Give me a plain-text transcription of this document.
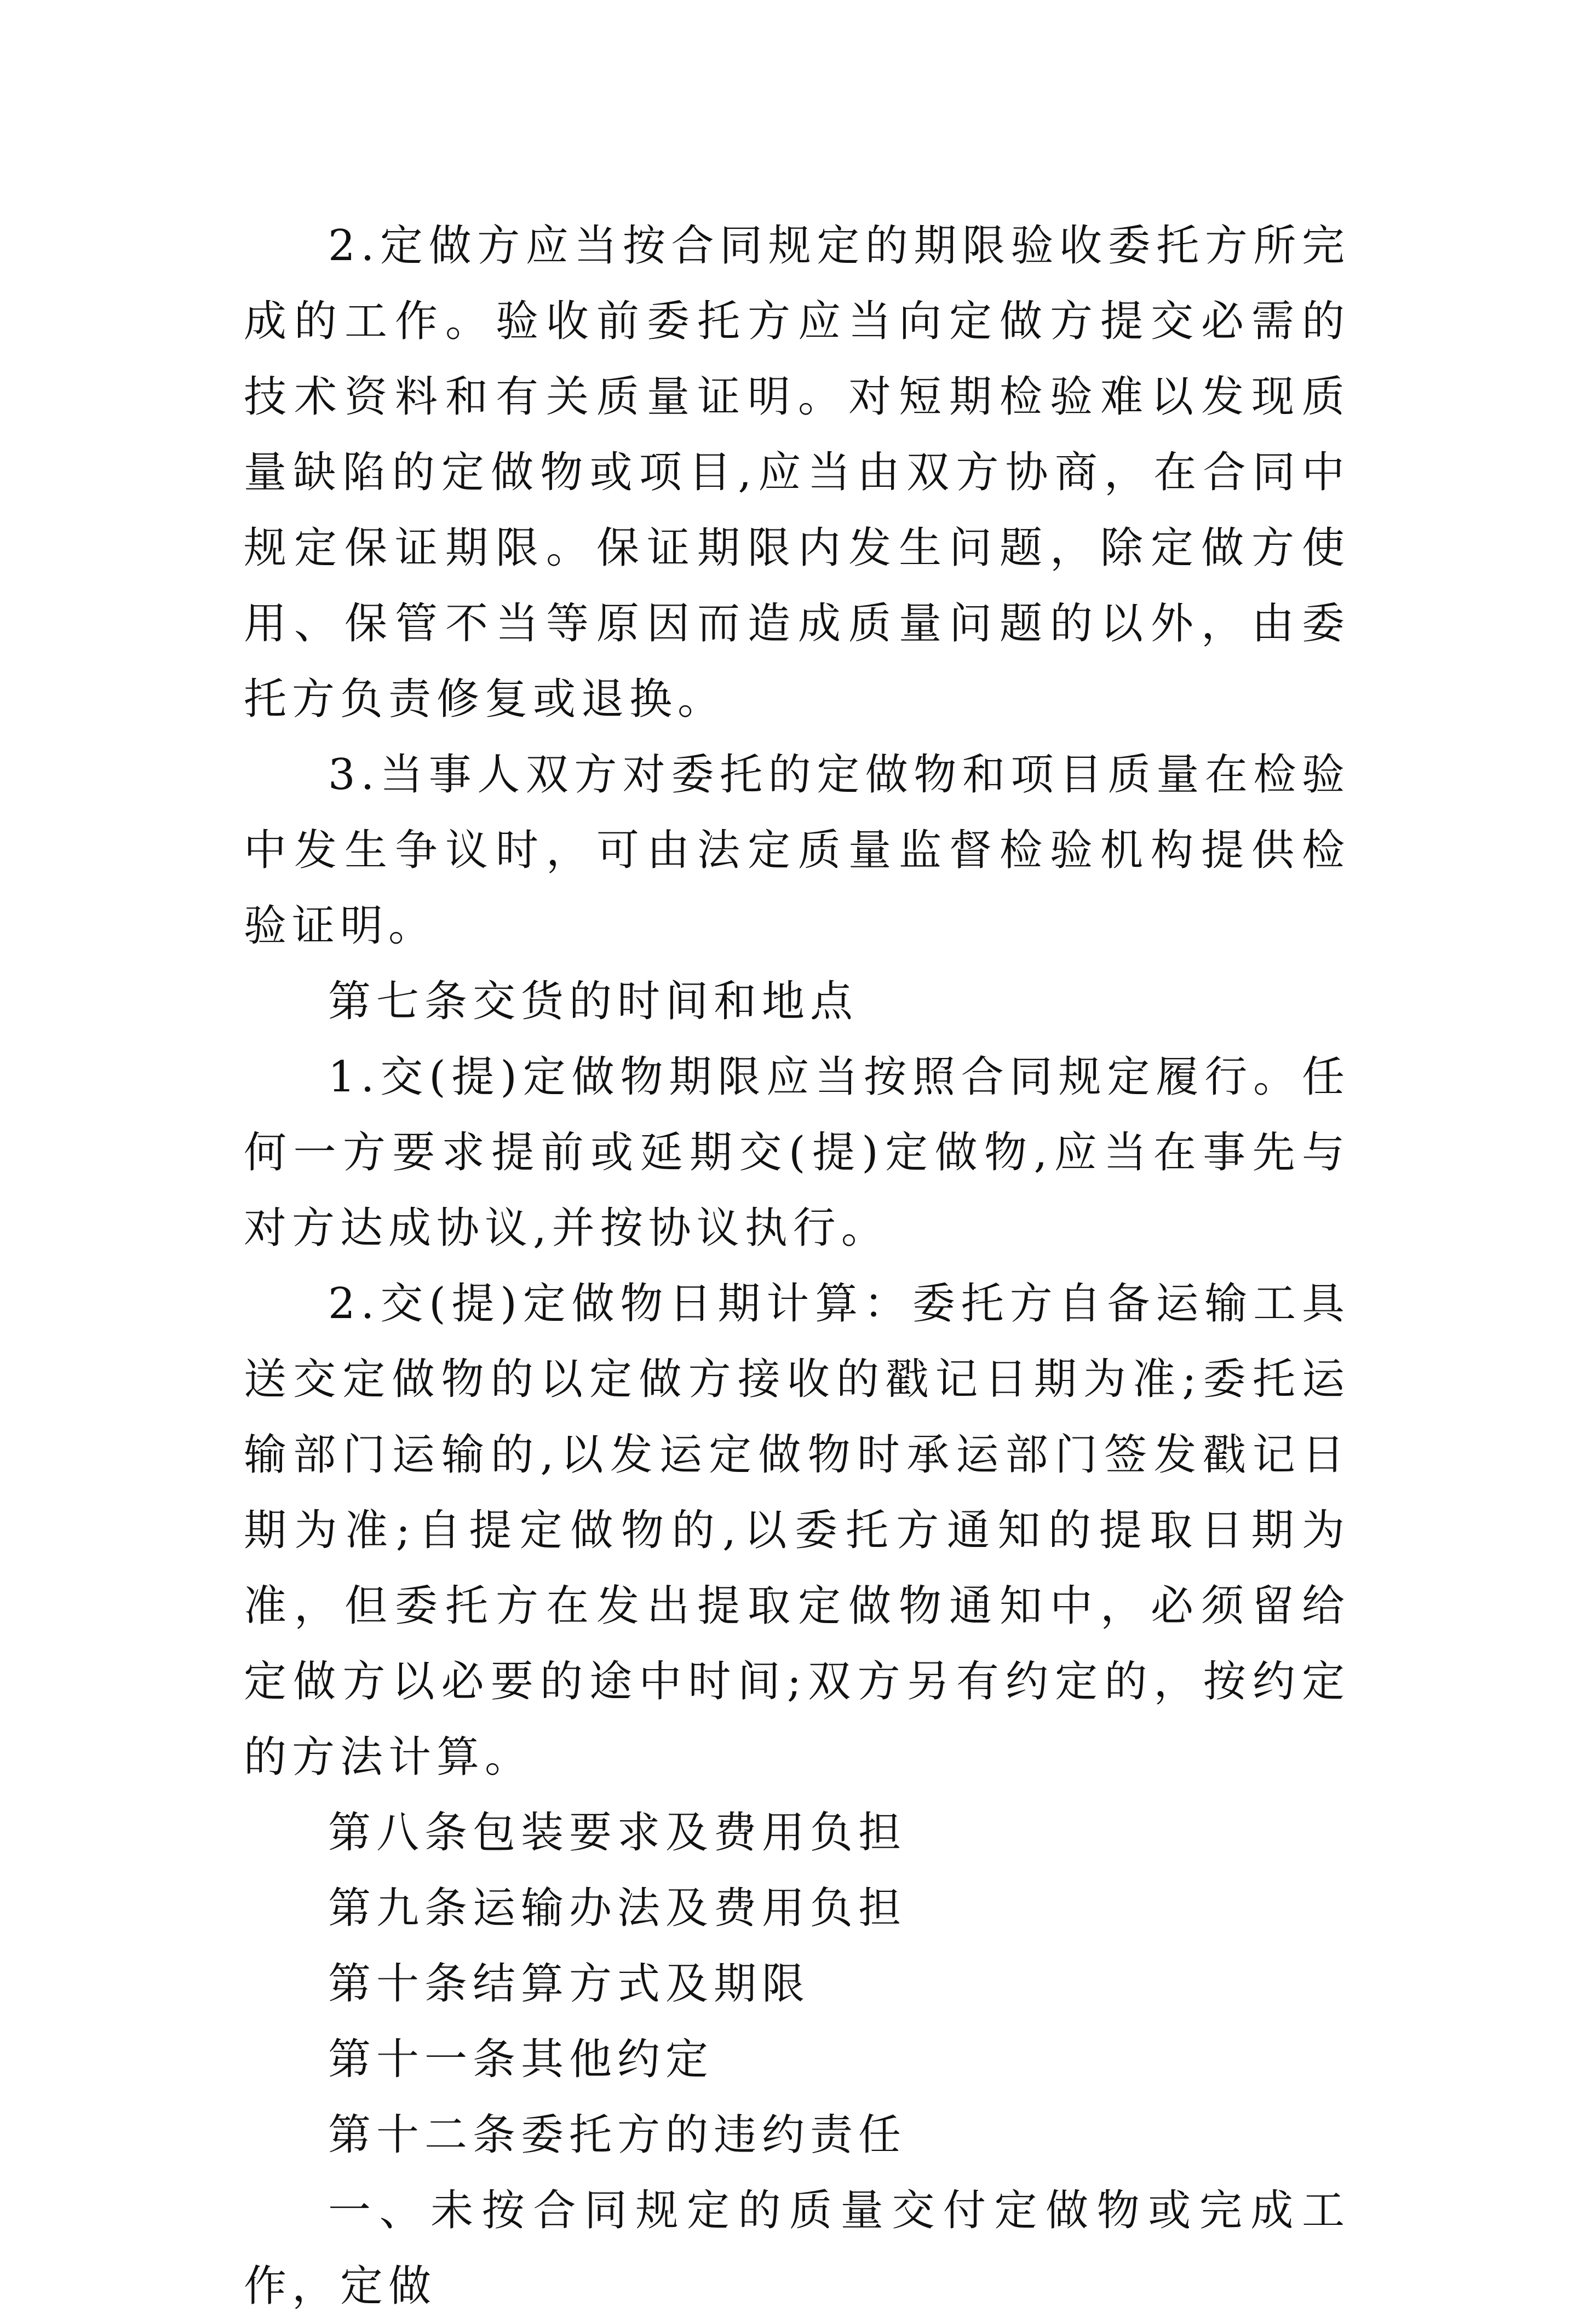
2.定做方应当按合同规定的期限验收委托方所完成的工作。验收前委托方应当向定做方提交必需的技术资料和有关质量证明。对短期检验难以发现质量缺陷的定做物或项目,应当由双方协商，在合同中规定保证期限。保证期限内发生问题，除定做方使用、保管不当等原因而造成质量问题的以外，由委托方负责修复或退换。

3.当事人双方对委托的定做物和项目质量在检验中发生争议时，可由法定质量监督检验机构提供检验证明。

第七条交货的时间和地点

1.交(提)定做物期限应当按照合同规定履行。任何一方要求提前或延期交(提)定做物,应当在事先与对方达成协议,并按协议执行。

2.交(提)定做物日期计算：委托方自备运输工具送交定做物的以定做方接收的戳记日期为准;委托运输部门运输的,以发运定做物时承运部门签发戳记日期为准;自提定做物的,以委托方通知的提取日期为准，但委托方在发出提取定做物通知中，必须留给定做方以必要的途中时间;双方另有约定的，按约定的方法计算。

第八条包装要求及费用负担

第九条运输办法及费用负担

第十条结算方式及期限

第十一条其他约定

第十二条委托方的违约责任

一、未按合同规定的质量交付定做物或完成工作，定做
